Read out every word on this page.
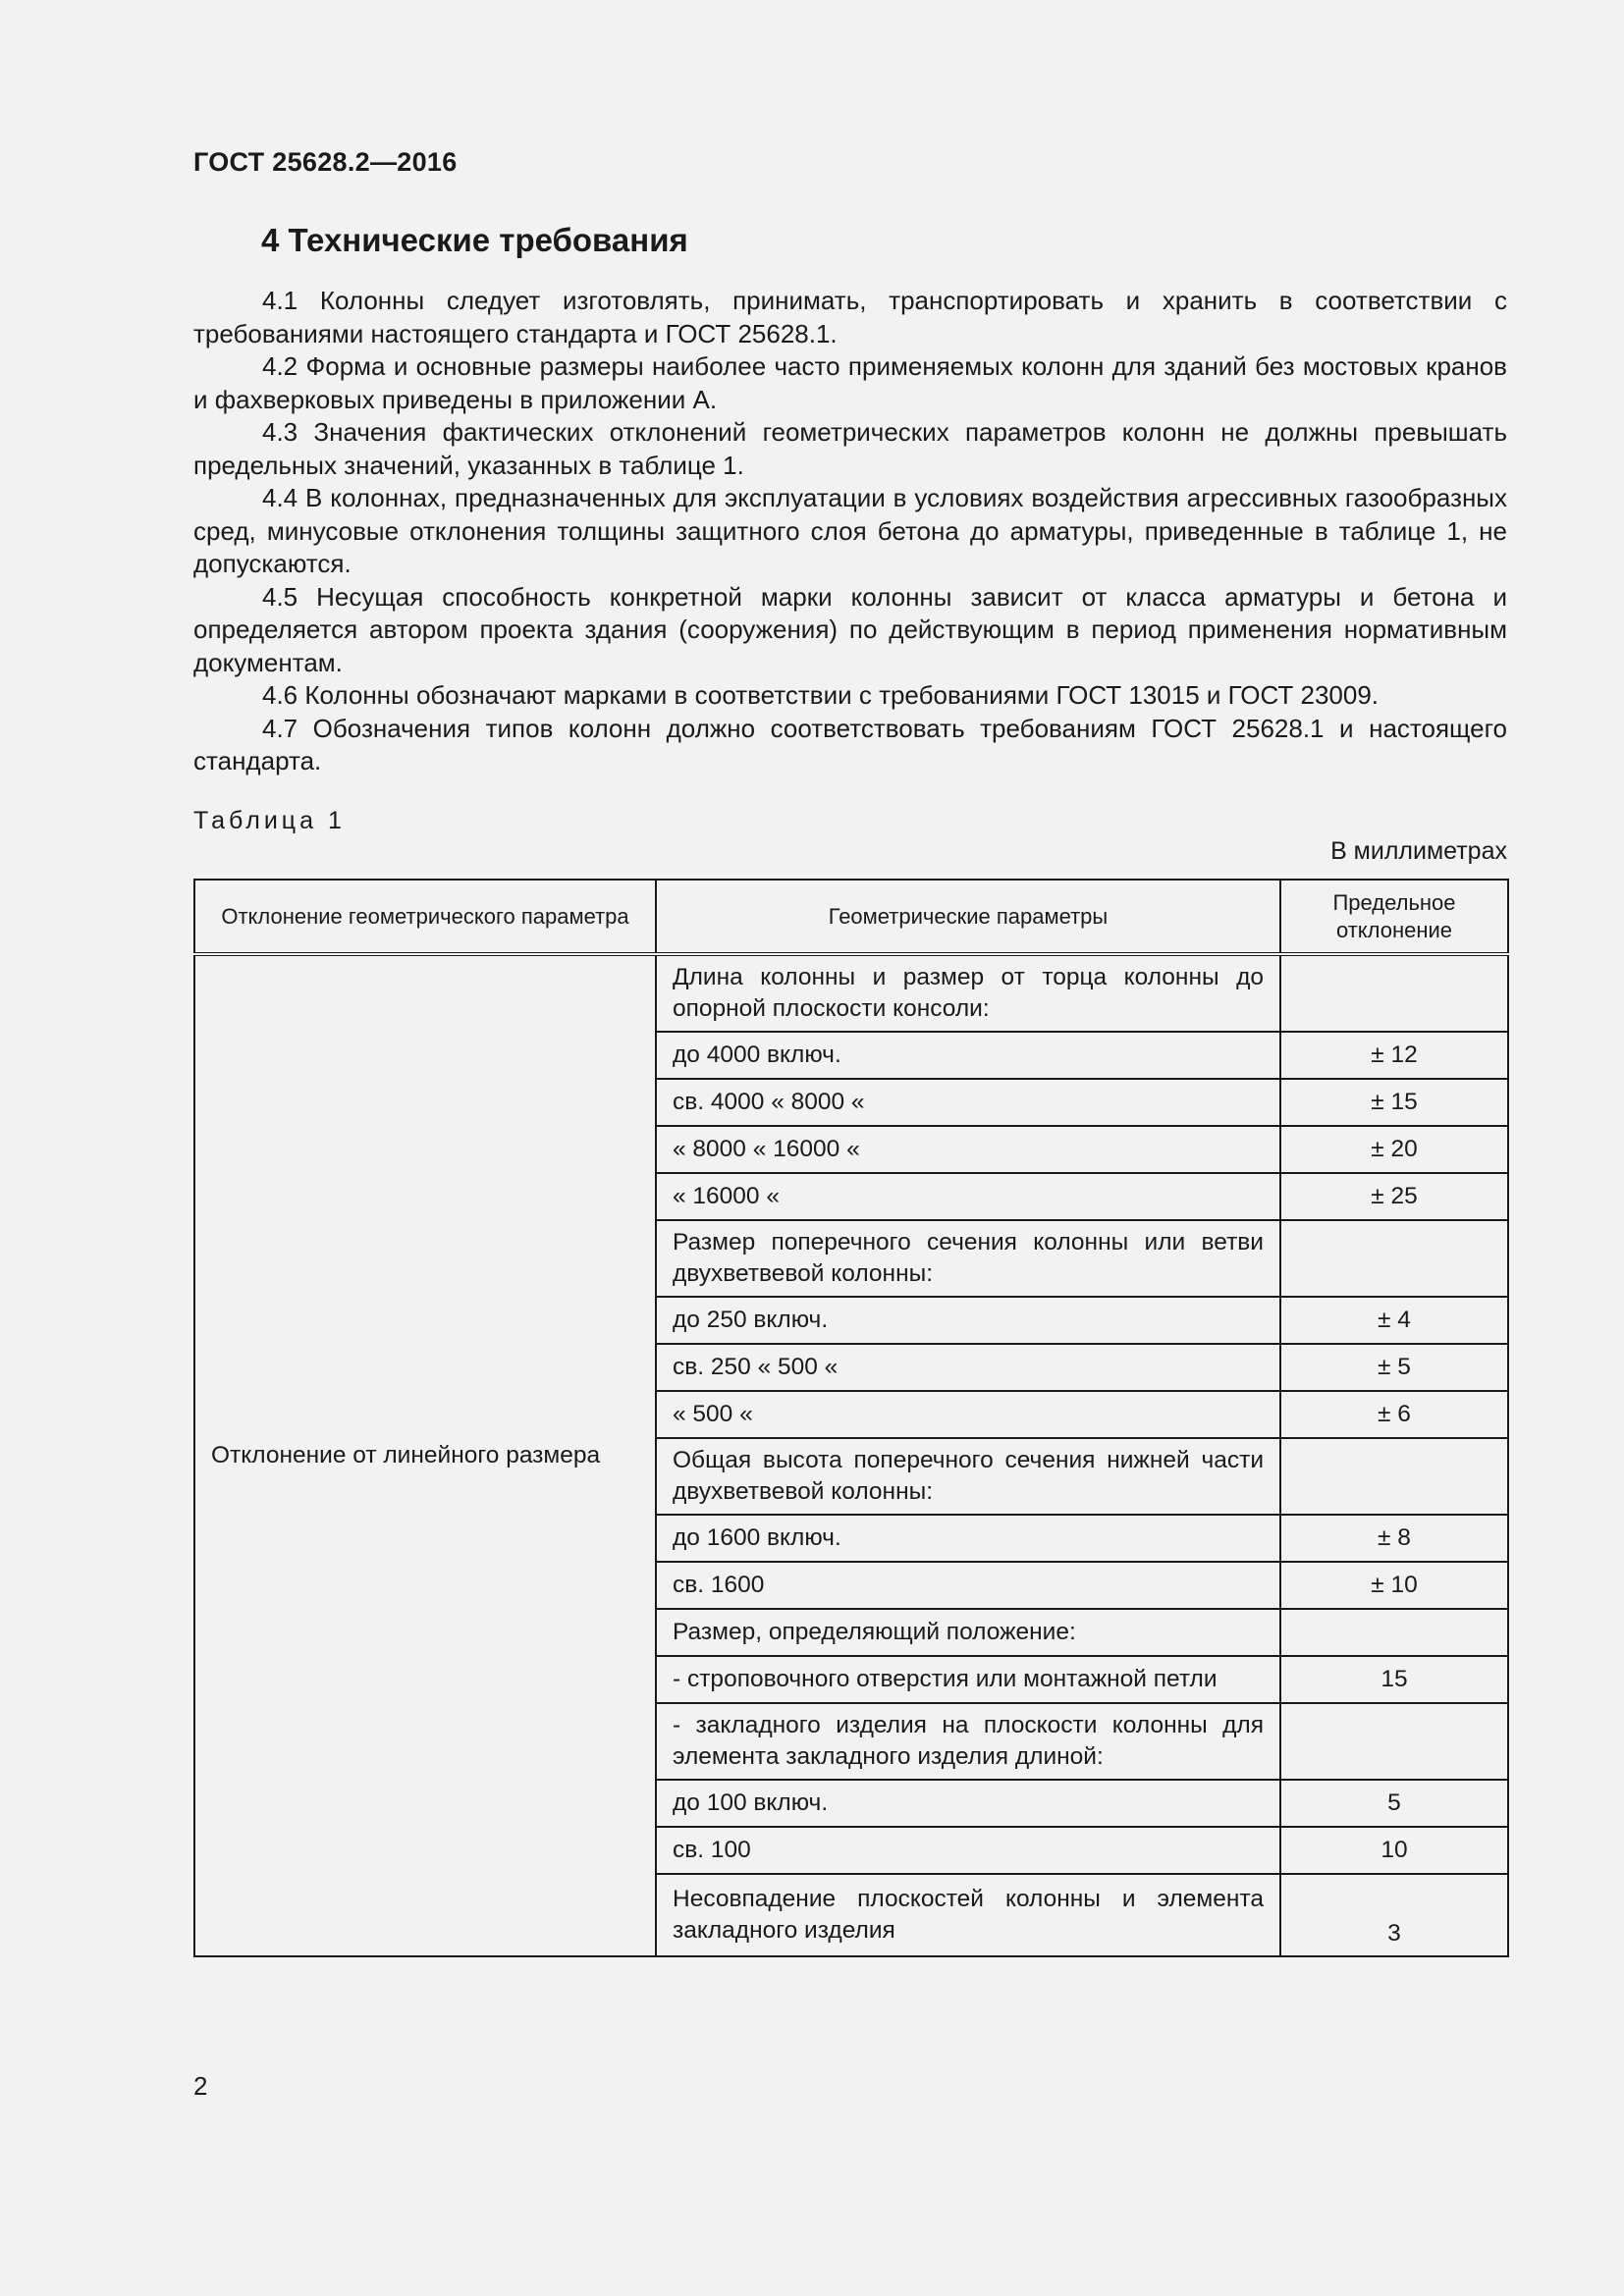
ГОСТ 25628.2—2016
4 Технические требования

4.1 Колонны следует изготовлять, принимать, транспортировать и хранить в соответствии с требованиями настоящего стандарта и ГОСТ 25628.1.

4.2 Форма и основные размеры наиболее часто применяемых колонн для зданий без мостовых кранов и фахверковых приведены в приложении А.

4.3 Значения фактических отклонений геометрических параметров колонн не должны превышать предельных значений, указанных в таблице 1.

4.4 В колоннах, предназначенных для эксплуатации в условиях воздействия агрессивных газообразных сред, минусовые отклонения толщины защитного слоя бетона до арматуры, приведенные в таблице 1, не допускаются.

4.5 Несущая способность конкретной марки колонны зависит от класса арматуры и бетона и определяется автором проекта здания (сооружения) по действующим в период применения нормативным документам.

4.6 Колонны обозначают марками в соответствии с требованиями ГОСТ 13015 и ГОСТ 23009.

4.7 Обозначения типов колонн должно соответствовать требованиям ГОСТ 25628.1 и настоящего стандарта.

Таблица 1
В миллиметрах
Отклонение геометрического параметра	Геометрические параметры	Предельное отклонение
Отклонение от линейного размера	Длина колонны и размер от торца колонны до опорной плоскости консоли:	
	до 4000 включ.	± 12
	св. 4000 « 8000 «	± 15
	« 8000 « 16000 «	± 20
	« 16000 «	± 25
	Размер поперечного сечения колонны или ветви двухветвевой колонны:	
	до 250 включ.	± 4
	св. 250 « 500 «	± 5
	« 500 «	± 6
	Общая высота поперечного сечения нижней части двухветвевой колонны:	
	до 1600 включ.	± 8
	св. 1600	± 10
	Размер, определяющий положение:	
	- строповочного отверстия или монтажной петли	15
	- закладного изделия на плоскости колонны для элемента закладного изделия длиной:	
	до 100 включ.	5
	св. 100	10
	Несовпадение плоскостей колонны и элемента закладного изделия	3
2
